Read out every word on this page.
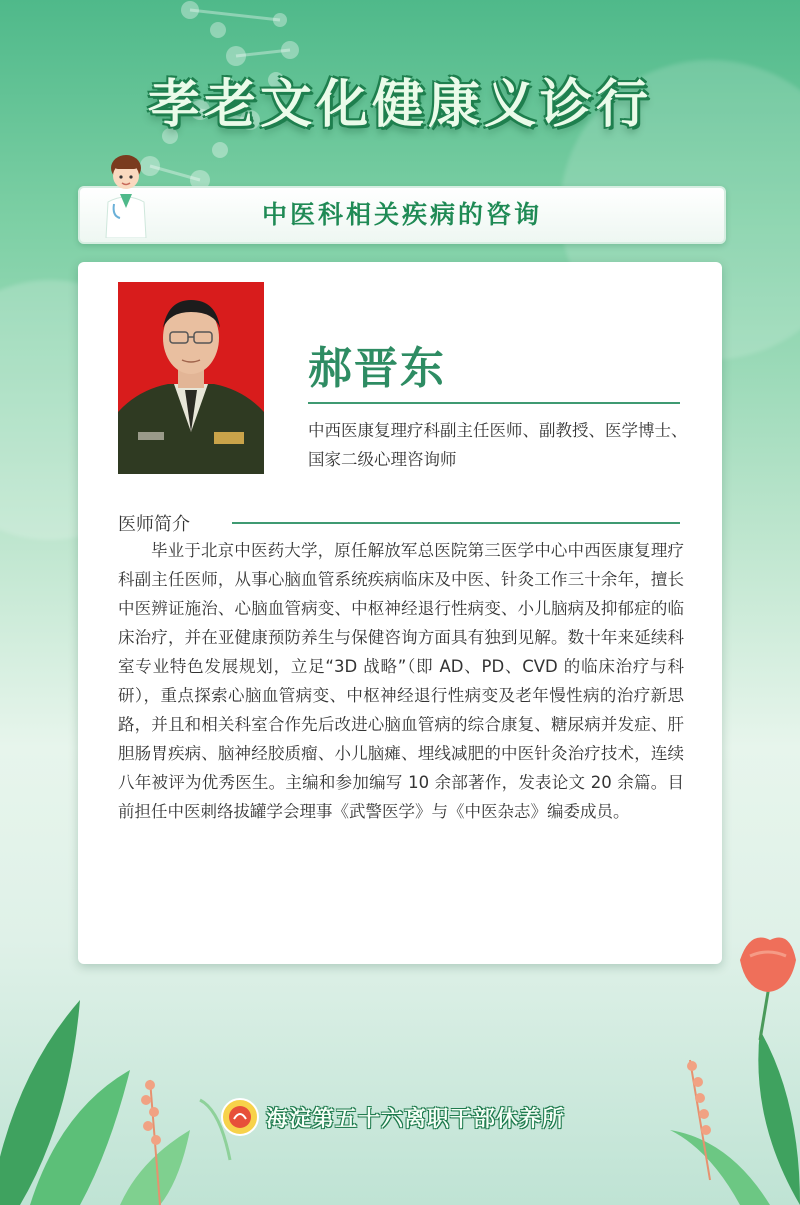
孝老文化健康义诊行
中医科相关疾病的咨询
郝晋东
中西医康复理疗科副主任医师、副教授、医学博士、国家二级心理咨询师
医师简介
毕业于北京中医药大学，原任解放军总医院第三医学中心中西医康复理疗科副主任医师，从事心脑血管系统疾病临床及中医、针灸工作三十余年，擅长中医辨证施治、心脑血管病变、中枢神经退行性病变、小儿脑病及抑郁症的临床治疗，并在亚健康预防养生与保健咨询方面具有独到见解。数十年来延续科室专业特色发展规划，立足“3D 战略”（即 AD、PD、CVD 的临床治疗与科研），重点探索心脑血管病变、中枢神经退行性病变及老年慢性病的治疗新思路，并且和相关科室合作先后改进心脑血管病的综合康复、糖尿病并发症、肝胆肠胃疾病、脑神经胶质瘤、小儿脑瘫、埋线减肥的中医针灸治疗技术，连续八年被评为优秀医生。主编和参加编写 10 余部著作，发表论文 20 余篇。目前担任中医刺络拔罐学会理事《武警医学》与《中医杂志》编委成员。
海淀第五十六离职干部休养所
